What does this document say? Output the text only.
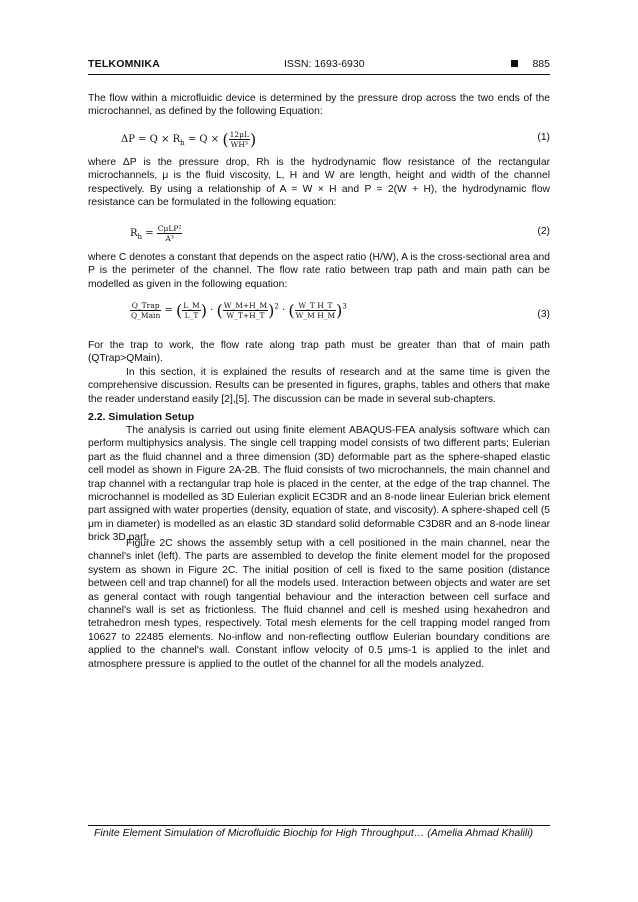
TELKOMNIKA	ISSN: 1693-6930	885
The flow within a microfluidic device is determined by the pressure drop across the two ends of the microchannel, as defined by the following Equation:
$\Delta P = Q \times R_h = Q$ × ( $\frac{12\mu L}{\text{WH³}}$ )	(1)
where ΔP is the pressure drop, Rh is the hydrodynamic flow resistance of the rectangular microchannels, μ is the fluid viscosity, L, H and W are length, height and width of the channel respectively. By using a relationship of A = W × H and P = 2(W + H), the hydrodynamic flow resistance can be formulated in the following equation:
$R_h = \frac{\text{CμLP²}}{\text{A³}}$	(2)
where C denotes a constant that depends on the aspect ratio (H/W), A is the cross-sectional area and P is the perimeter of the channel. The flow rate ratio between trap path and main path can be modelled as given in the following equation:
$\frac{\text{Q\_Trap}}{\text{Q\_Main}}$ = ( $\frac{L\_M}{L\_T}$ ) · ( $\frac{W\_M+H\_M}{W\_T+H\_T} )^2$ · ( $\frac{\text{W\_T H\_T}}{\text{W\_M H\_M}} )^3$
(3)
For the trap to work, the flow rate along trap path must be greater than that of main path (QTrap>QMain).
In this section, it is explained the results of research and at the same time is given the comprehensive discussion. Results can be presented in figures, graphs, tables and others that make the reader understand easily [2],[5]. The discussion can be made in several sub-chapters.
2.2. Simulation Setup
The analysis is carried out using finite element ABAQUS-FEA analysis software which can perform multiphysics analysis. The single cell trapping model consists of two different parts; Eulerian part as the fluid channel and a three dimension (3D) deformable part as the sphere-shaped elastic cell model as shown in Figure 2A-2B. The fluid consists of two microchannels, the main channel and trap channel with a rectangular trap hole is placed in the center, at the edge of the trap channel. The microchannel is modelled as 3D Eulerian explicit EC3DR and an 8-node linear Eulerian brick element part assigned with water properties (density, equation of state, and viscosity). A sphere-shaped cell (5 μm in diameter) is modelled as an elastic 3D standard solid deformable C3D8R and an 8-node linear brick 3D part.
Figure 2C shows the assembly setup with a cell positioned in the main channel, near the channel's inlet (left). The parts are assembled to develop the finite element model for the proposed system as shown in Figure 2C. The initial position of cell is fixed to the same position (distance between cell and trap channel) for all the models used. Interaction between objects and water are set as general contact with rough tangential behaviour and the interaction between cell surface and channel's wall is set as frictionless. The fluid channel and cell is meshed using hexahedron and tetrahedron mesh types, respectively. Total mesh elements for the cell trapping model ranged from 10627 to 22485 elements. No-inflow and non-reflecting outflow Eulerian boundary conditions are applied to the channel's wall. Constant inflow velocity of 0.5 μms-1 is applied to the inlet and atmosphere pressure is applied to the outlet of the channel for all the models analyzed.
Finite Element Simulation of Microfluidic Biochip for High Throughput… (Amelia Ahmad Khalili)
